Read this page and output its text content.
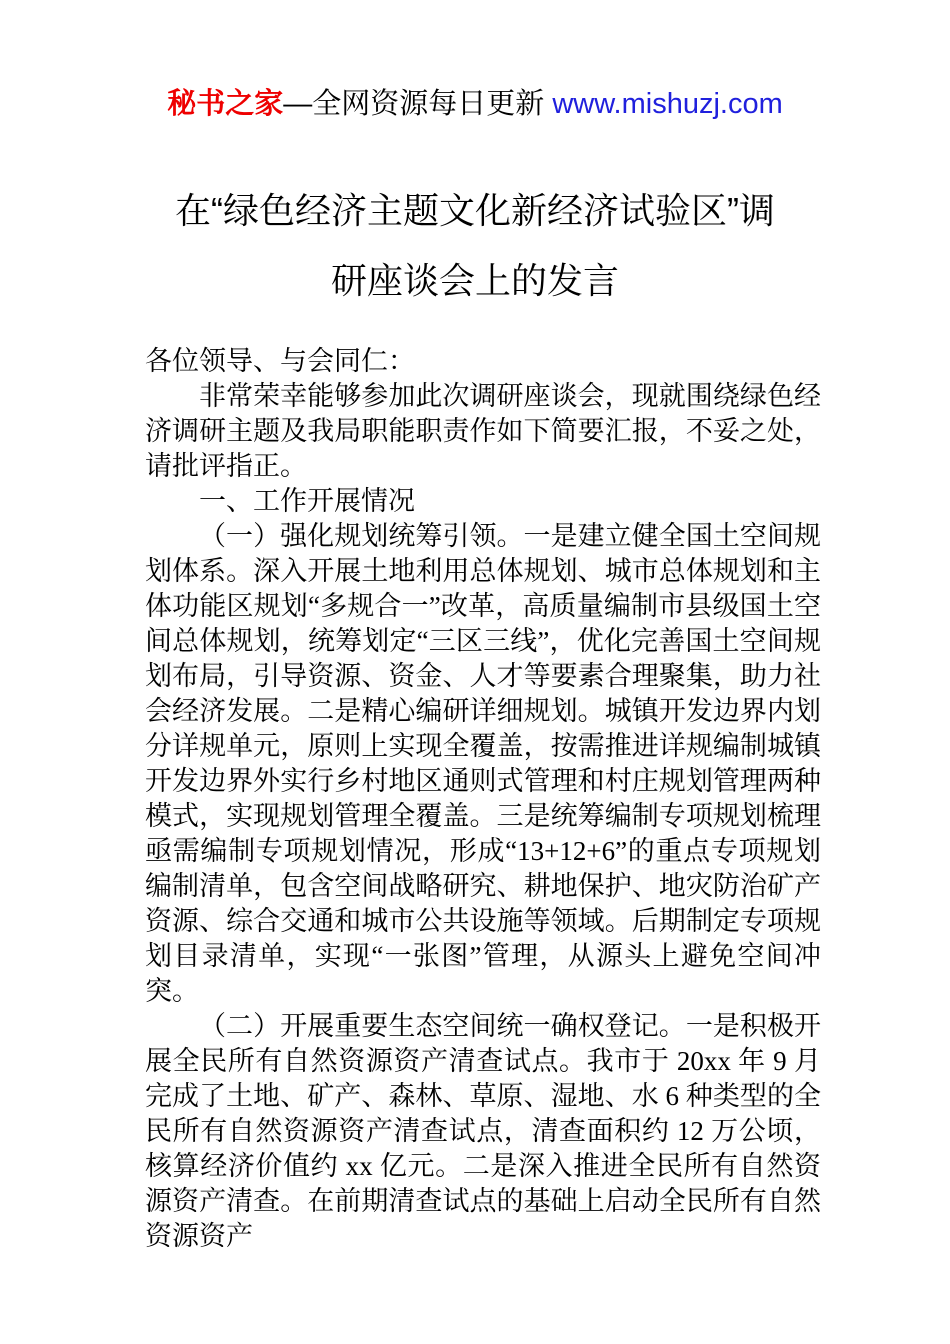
秘书之家—全网资源每日更新 www.mishuzj.com
在“绿色经济主题文化新经济试验区”调
研座谈会上的发言

各位领导、与会同仁：

非常荣幸能够参加此次调研座谈会，现就围绕绿色经济调研主题及我局职能职责作如下简要汇报，不妥之处，请批评指正。

一、工作开展情况

（一）强化规划统筹引领。一是建立健全国土空间规划体系。深入开展土地利用总体规划、城市总体规划和主体功能区规划“多规合一”改革，高质量编制市县级国土空间总体规划，统筹划定“三区三线”，优化完善国土空间规划布局，引导资源、资金、人才等要素合理聚集，助力社会经济发展。二是精心编研详细规划。城镇开发边界内划分详规单元，原则上实现全覆盖，按需推进详规编制城镇开发边界外实行乡村地区通则式管理和村庄规划管理两种模式，实现规划管理全覆盖。三是统筹编制专项规划梳理亟需编制专项规划情况，形成“13+12+6”的重点专项规划编制清单，包含空间战略研究、耕地保护、地灾防治矿产资源、综合交通和城市公共设施等领域。后期制定专项规划目录清单，实现“一张图”管理，从源头上避免空间冲突。

（二）开展重要生态空间统一确权登记。一是积极开展全民所有自然资源资产清查试点。我市于 20xx 年 9 月完成了土地、矿产、森林、草原、湿地、水 6 种类型的全民所有自然资源资产清查试点，清查面积约 12 万公顷，核算经济价值约 xx 亿元。二是深入推进全民所有自然资源资产清查。在前期清查试点的基础上启动全民所有自然资源资产
